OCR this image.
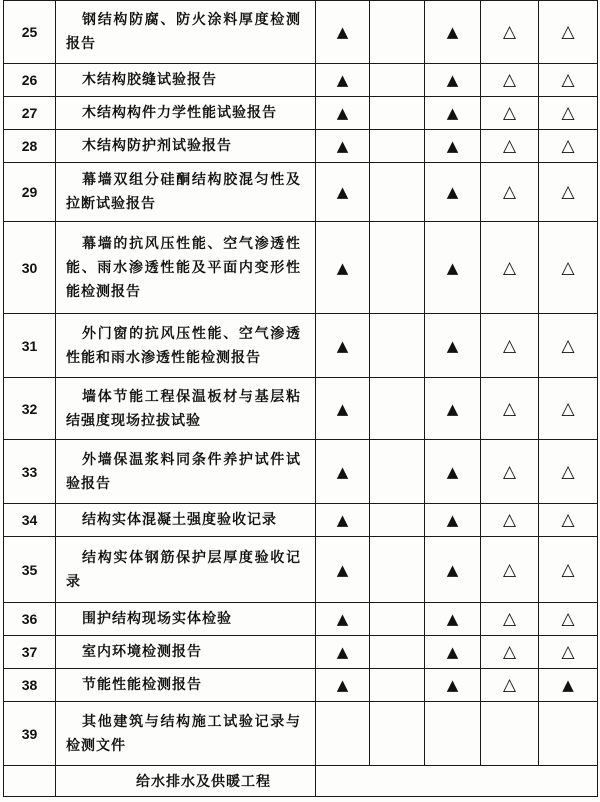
25	钢结构防腐、防火涂料厚度检测报告	▲		▲	△	△
26	木结构胶缝试验报告	▲		▲	△	△
27	木结构构件力学性能试验报告	▲		▲	△	△
28	木结构防护剂试验报告	▲		▲	△	△
29	幕墙双组分硅酮结构胶混匀性及拉断试验报告	▲		▲	△	△
30	幕墙的抗风压性能、空气渗透性能、雨水渗透性能及平面内变形性能检测报告	▲		▲	△	△
31	外门窗的抗风压性能、空气渗透性能和雨水渗透性能检测报告	▲		▲	△	△
32	墙体节能工程保温板材与基层粘结强度现场拉拔试验	▲		▲	△	△
33	外墙保温浆料同条件养护试件试验报告	▲		▲	△	△
34	结构实体混凝土强度验收记录	▲		▲	△	△
35	结构实体钢筋保护层厚度验收记录	▲		▲	△	△
36	围护结构现场实体检验	▲		▲	△	△
37	室内环境检测报告	▲		▲	△	△
38	节能性能检测报告	▲		▲	△	▲
39	其他建筑与结构施工试验记录与检测文件					

	给水排水及供暖工程					
